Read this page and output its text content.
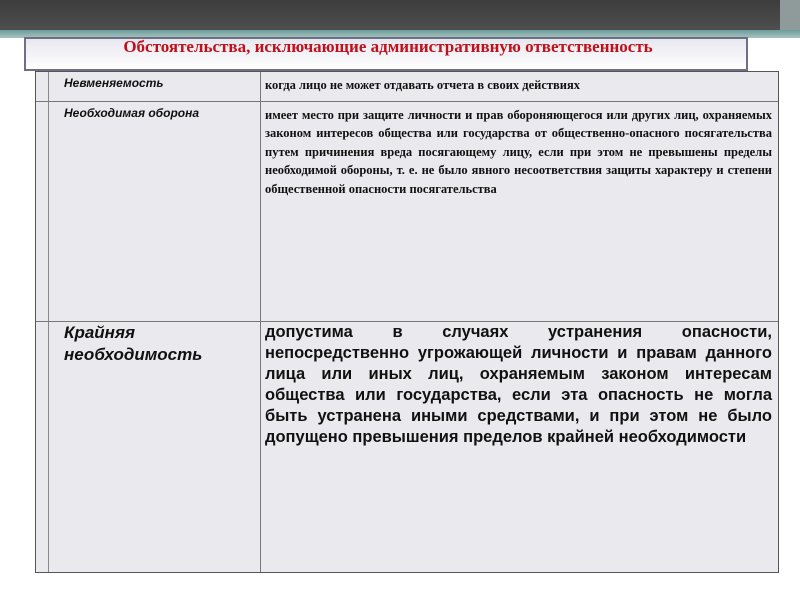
Обстоятельства, исключающие административную ответственность
Невменяемость	когда лицо не может отдавать отчета в своих действиях
Необходимая оборона	имеет место при защите личности и прав обороняющегося или других лиц, охраняемых законом интересов общества или государства от общественно-опасного посягательства путем причинения вреда посягающему лицу, если при этом не превышены пределы необходимой обороны, т. е. не было явного несоответствия защиты характеру и степени общественной опасности посягательства
Крайняя необходимость
допустима в случаях устранения опасности, непосредственно угрожающей личности и правам данного лица или иных лиц, охраняемым законом интересам общества или государства, если эта опасность не могла быть устранена иными средствами, и при этом не было допущено превышения пределов крайней необходимости
